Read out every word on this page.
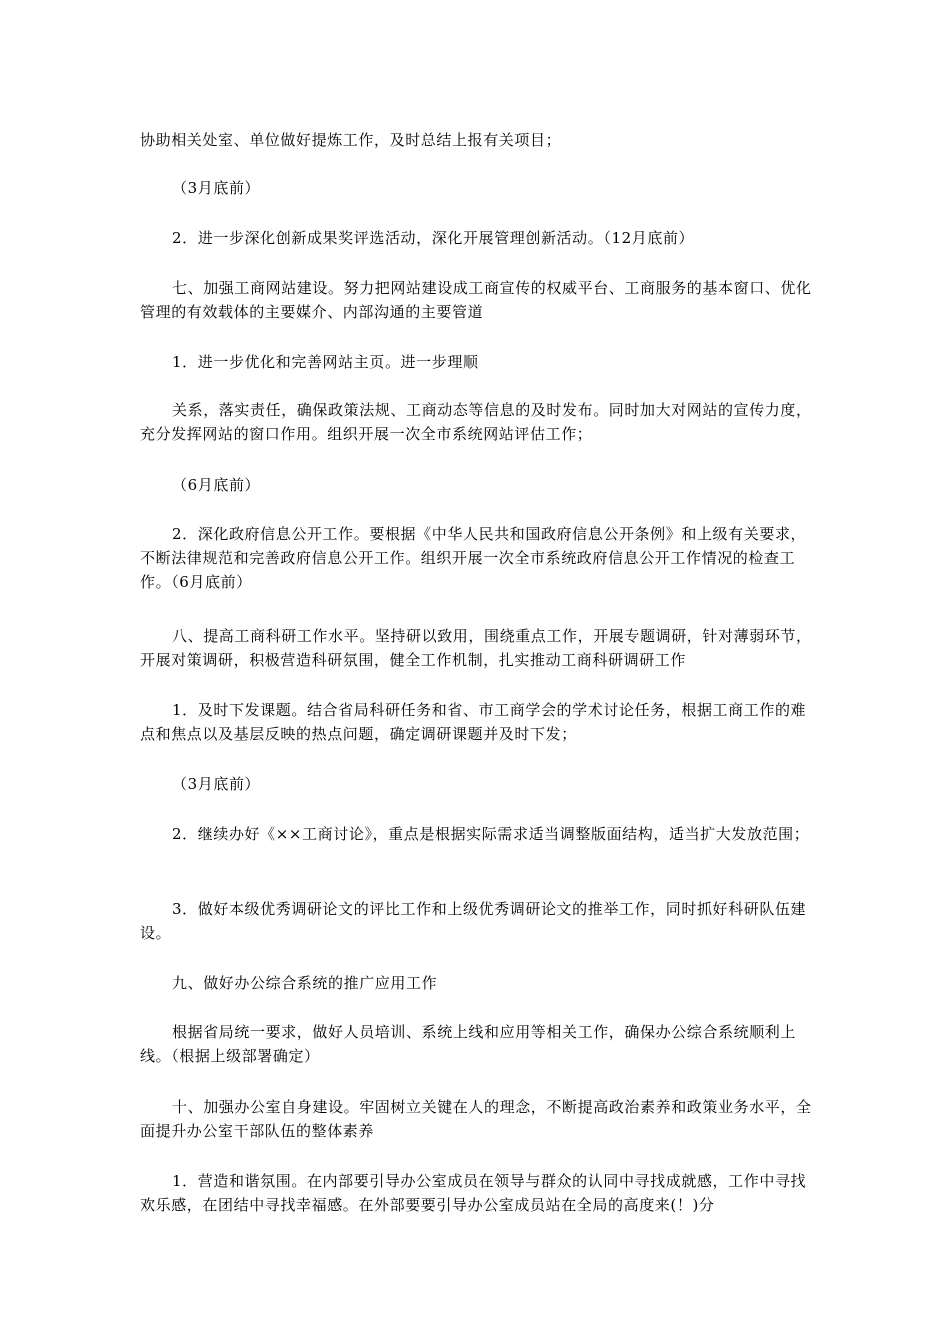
协助相关处室、单位做好提炼工作，及时总结上报有关项目；

（3月底前）

2．进一步深化创新成果奖评选活动，深化开展管理创新活动。（12月底前）

七、加强工商网站建设。努力把网站建设成工商宣传的权威平台、工商服务的基本窗口、优化管理的有效载体的主要媒介、内部沟通的主要管道

1．进一步优化和完善网站主页。进一步理顺

关系，落实责任，确保政策法规、工商动态等信息的及时发布。同时加大对网站的宣传力度，充分发挥网站的窗口作用。组织开展一次全市系统网站评估工作；

（6月底前）

2．深化政府信息公开工作。要根据《中华人民共和国政府信息公开条例》和上级有关要求，不断法律规范和完善政府信息公开工作。组织开展一次全市系统政府信息公开工作情况的检查工作。（6月底前）

八、提高工商科研工作水平。坚持研以致用，围绕重点工作，开展专题调研，针对薄弱环节，开展对策调研，积极营造科研氛围，健全工作机制，扎实推动工商科研调研工作

1．及时下发课题。结合省局科研任务和省、市工商学会的学术讨论任务，根据工商工作的难点和焦点以及基层反映的热点问题，确定调研课题并及时下发；

（3月底前）

2．继续办好《××工商讨论》，重点是根据实际需求适当调整版面结构，适当扩大发放范围；

3．做好本级优秀调研论文的评比工作和上级优秀调研论文的推举工作，同时抓好科研队伍建设。

九、做好办公综合系统的推广应用工作

根据省局统一要求，做好人员培训、系统上线和应用等相关工作，确保办公综合系统顺利上线。（根据上级部署确定）

十、加强办公室自身建设。牢固树立关键在人的理念，不断提高政治素养和政策业务水平，全面提升办公室干部队伍的整体素养

1．营造和谐氛围。在内部要引导办公室成员在领导与群众的认同中寻找成就感，工作中寻找欢乐感，在团结中寻找幸福感。在外部要要引导办公室成员站在全局的高度来(！)分
